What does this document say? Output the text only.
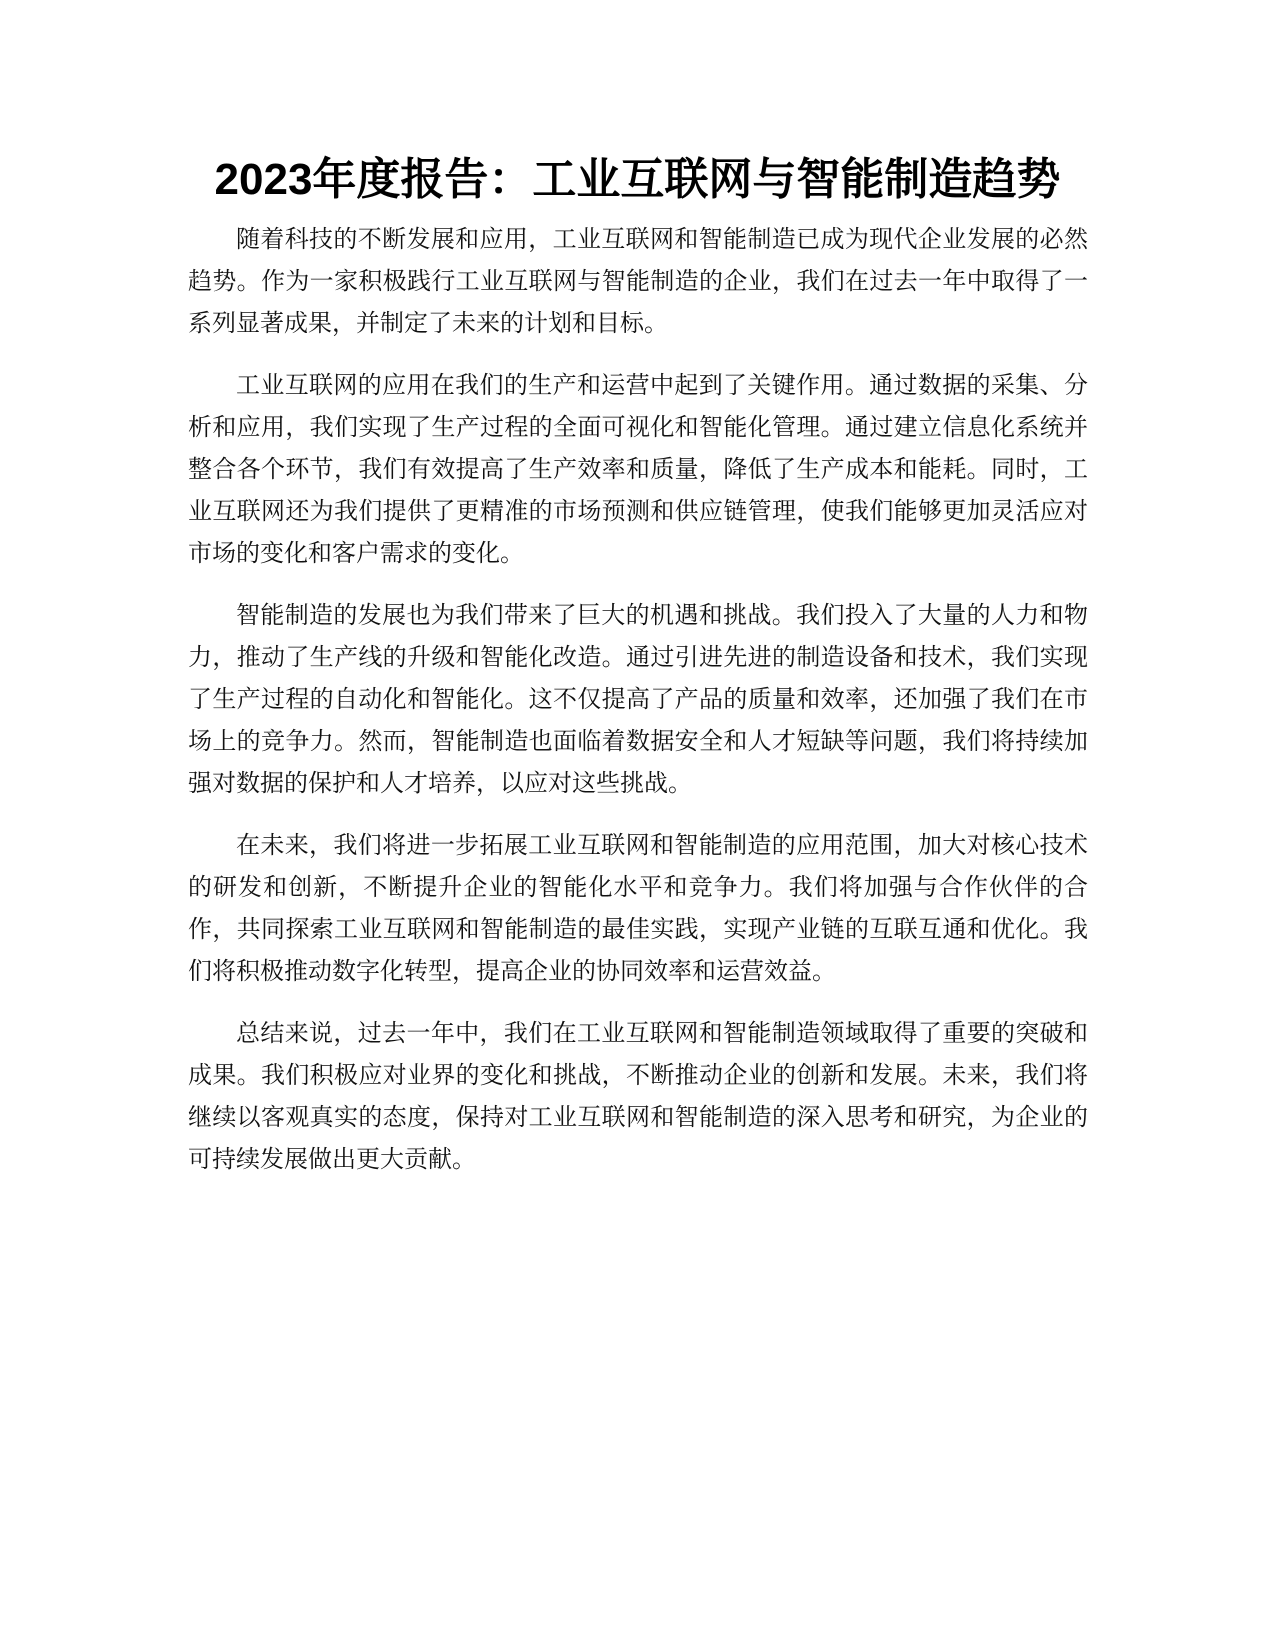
2023年度报告：工业互联网与智能制造趋势

随着科技的不断发展和应用，工业互联网和智能制造已成为现代企业发展的必然趋势。作为一家积极践行工业互联网与智能制造的企业，我们在过去一年中取得了一系列显著成果，并制定了未来的计划和目标。

工业互联网的应用在我们的生产和运营中起到了关键作用。通过数据的采集、分析和应用，我们实现了生产过程的全面可视化和智能化管理。通过建立信息化系统并整合各个环节，我们有效提高了生产效率和质量，降低了生产成本和能耗。同时，工业互联网还为我们提供了更精准的市场预测和供应链管理，使我们能够更加灵活应对市场的变化和客户需求的变化。

智能制造的发展也为我们带来了巨大的机遇和挑战。我们投入了大量的人力和物力，推动了生产线的升级和智能化改造。通过引进先进的制造设备和技术，我们实现了生产过程的自动化和智能化。这不仅提高了产品的质量和效率，还加强了我们在市场上的竞争力。然而，智能制造也面临着数据安全和人才短缺等问题，我们将持续加强对数据的保护和人才培养，以应对这些挑战。

在未来，我们将进一步拓展工业互联网和智能制造的应用范围，加大对核心技术的研发和创新，不断提升企业的智能化水平和竞争力。我们将加强与合作伙伴的合作，共同探索工业互联网和智能制造的最佳实践，实现产业链的互联互通和优化。我们将积极推动数字化转型，提高企业的协同效率和运营效益。

总结来说，过去一年中，我们在工业互联网和智能制造领域取得了重要的突破和成果。我们积极应对业界的变化和挑战，不断推动企业的创新和发展。未来，我们将继续以客观真实的态度，保持对工业互联网和智能制造的深入思考和研究，为企业的可持续发展做出更大贡献。
